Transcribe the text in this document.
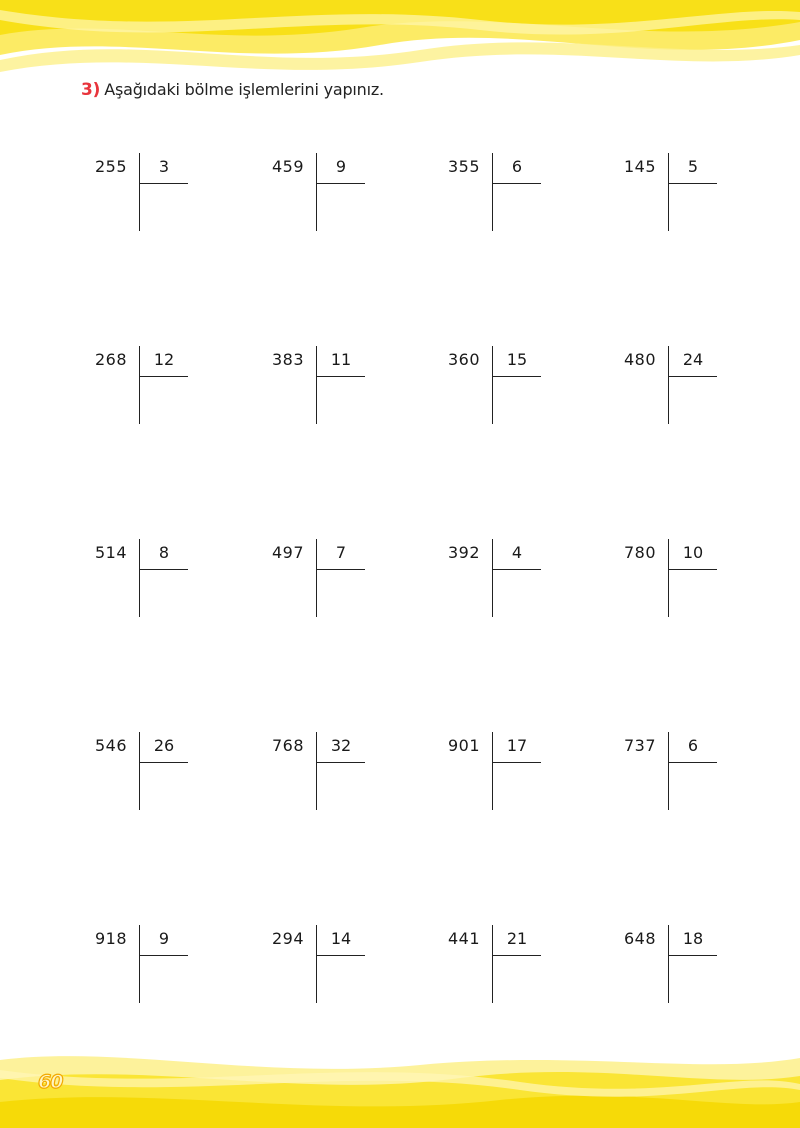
3) Aşağıdaki bölme işlemlerini yapınız.
255	3	459	9	355	6	145	5
268	12	383	11	360	15	480	24
514	8	497	7	392	4	780	10
546	26	768	32	901	17	737	6
918	9	294	14	441	21	648	18
60
